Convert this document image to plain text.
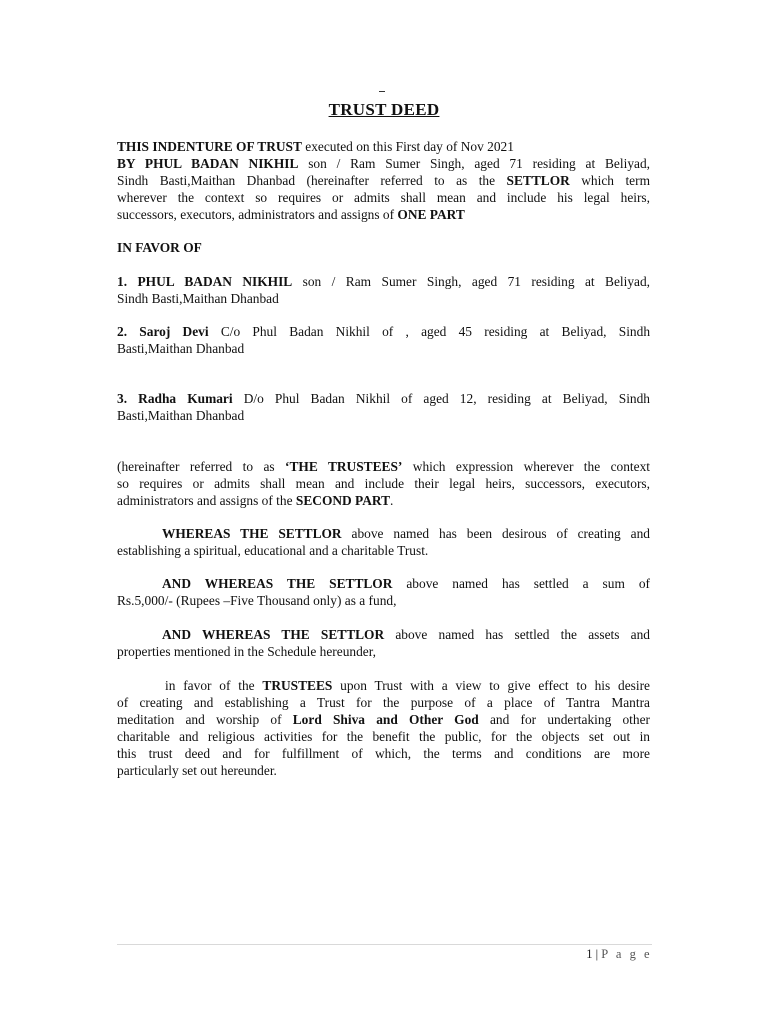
TRUST DEED
THIS INDENTURE OF TRUST executed on this First day of Nov 2021
BY PHUL BADAN NIKHIL son / Ram Sumer Singh, aged 71 residing at Beliyad,
Sindh Basti,Maithan Dhanbad (hereinafter referred to as the SETTLOR which term
wherever the context so requires or admits shall mean and include his legal heirs,
successors, executors, administrators and assigns of ONE PART
IN FAVOR OF
1. PHUL BADAN NIKHIL son / Ram Sumer Singh, aged 71 residing at Beliyad,
Sindh Basti,Maithan Dhanbad
2. Saroj Devi C/o Phul Badan Nikhil of , aged 45 residing at Beliyad, Sindh
Basti,Maithan Dhanbad
3. Radha Kumari D/o Phul Badan Nikhil of aged 12, residing at Beliyad, Sindh
Basti,Maithan Dhanbad
(hereinafter referred to as ‘THE TRUSTEES’ which expression wherever the context
so requires or admits shall mean and include their legal heirs, successors, executors,
administrators and assigns of the SECOND PART.
WHEREAS THE SETTLOR above named has been desirous of creating and
establishing a spiritual, educational and a charitable Trust.
AND WHEREAS THE SETTLOR above named has settled a sum of
Rs.5,000/- (Rupees –Five Thousand only) as a fund,
AND WHEREAS THE SETTLOR above named has settled the assets and
properties mentioned in the Schedule hereunder,
in favor of the TRUSTEES upon Trust with a view to give effect to his desire
of creating and establishing a Trust for the purpose of a place of Tantra Mantra
meditation and worship of Lord Shiva and Other God and for undertaking other
charitable and religious activities for the benefit the public, for the objects set out in
this trust deed and for fulfillment of which, the terms and conditions are more
particularly set out hereunder.
1 | P a g e
